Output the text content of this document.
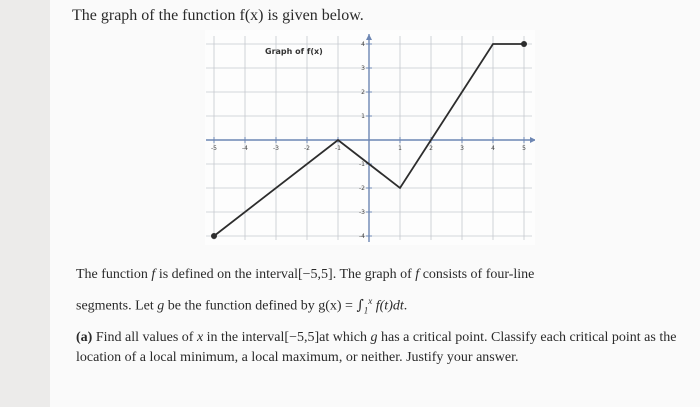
The graph of the function f(x) is given below.
-5	-4	-3	-2	-1	1	2	3	4	5
4
3
2
1
-1
-2
-3
-4
Graph of f(x)
The function f is defined on the interval[−5,5]. The graph of f consists of four-line
segments. Let g be the function defined by $g(x) = \int_1^x$ f(t)dt.
(a) Find all values of x in the interval[−5,5]at which g has a critical point. Classify each critical point as the location of a local minimum, a local maximum, or neither. Justify your answer.
